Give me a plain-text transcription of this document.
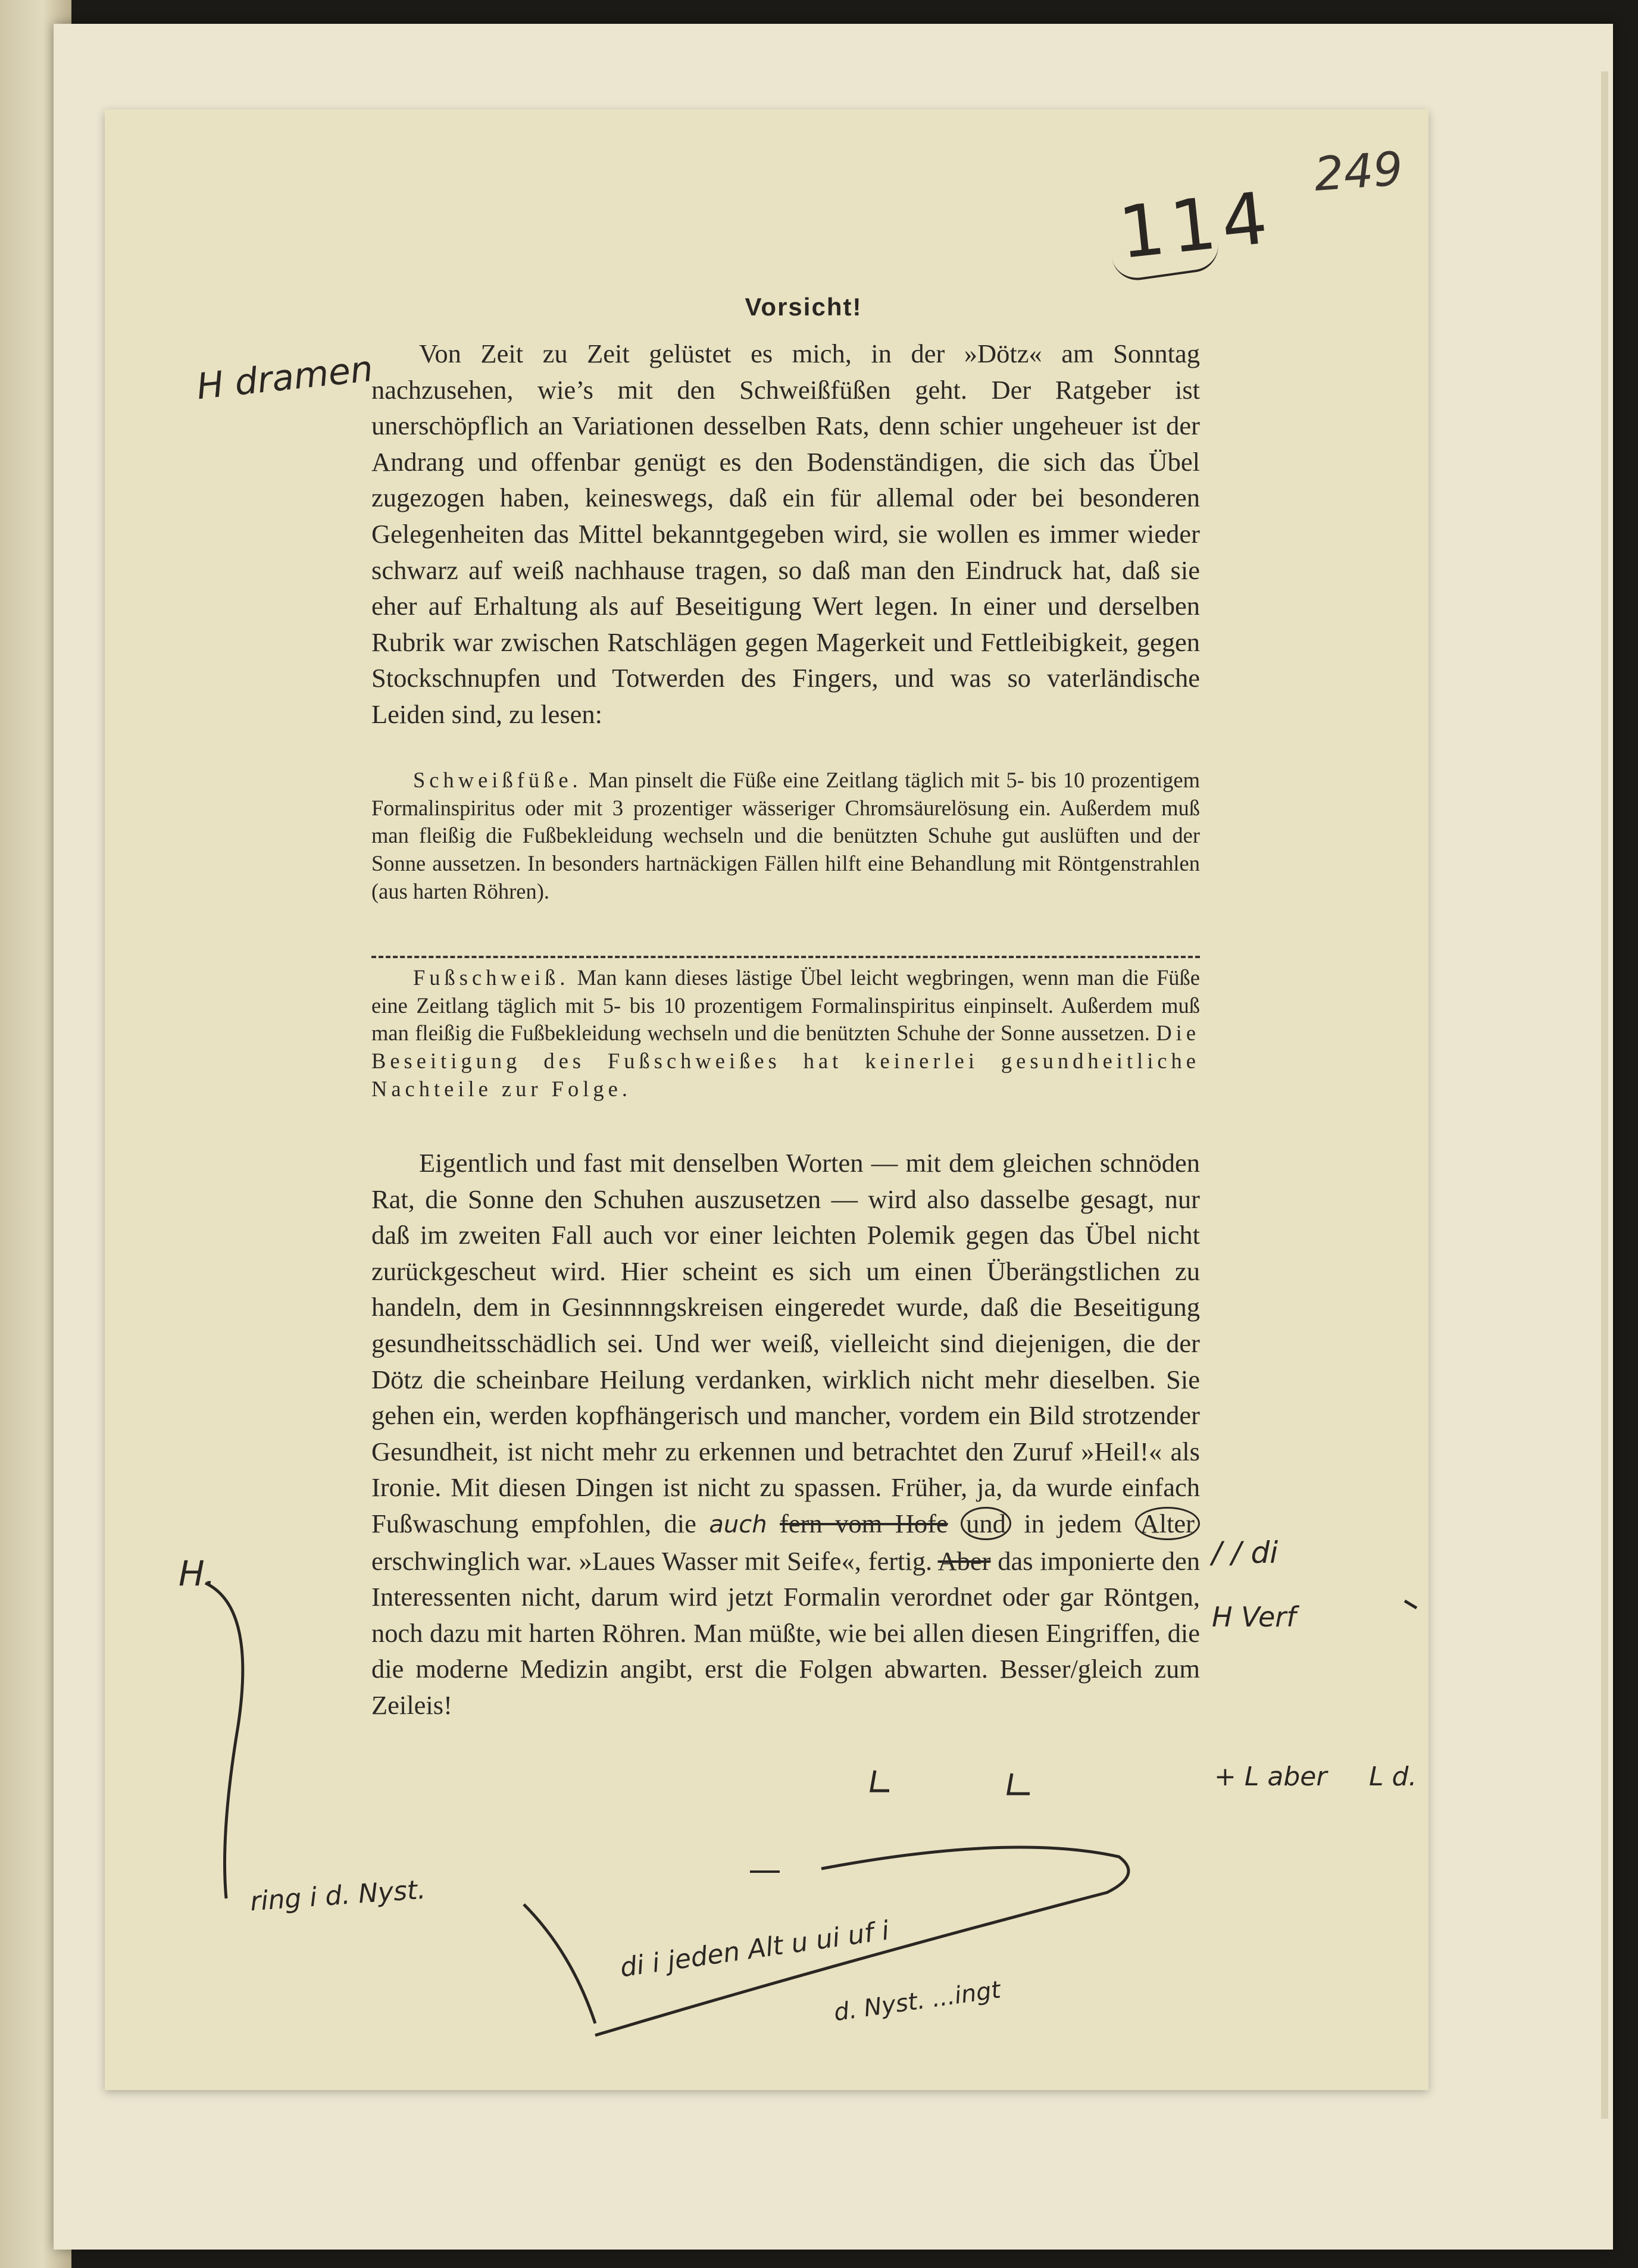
249
114
Vorsicht!

Von Zeit zu Zeit gelüstet es mich, in der »Dötz« am Sonntag nachzusehen, wie’s mit den Schweißfüßen geht. Der Ratgeber ist unerschöpflich an Variationen desselben Rats, denn schier ungeheuer ist der Andrang und offenbar genügt es den Bodenständigen, die sich das Übel zugezogen haben, keineswegs, daß ein für allemal oder bei besonderen Gelegenheiten das Mittel bekanntgegeben wird, sie wollen es immer wieder schwarz auf weiß nachhause tragen, so daß man den Eindruck hat, daß sie eher auf Erhaltung als auf Beseitigung Wert legen. In einer und derselben Rubrik war zwischen Ratschlägen gegen Magerkeit und Fettleibigkeit, gegen Stockschnupfen und Totwerden des Fingers, und was so vaterländische Leiden sind, zu lesen:

Schweißfüße. Man pinselt die Füße eine Zeitlang täglich mit 5- bis 10 prozentigem Formalinspiritus oder mit 3 prozentiger wässeriger Chromsäurelösung ein. Außerdem muß man fleißig die Fußbekleidung wechseln und die benützten Schuhe gut auslüften und der Sonne aussetzen. In besonders hartnäckigen Fällen hilft eine Behandlung mit Röntgenstrahlen (aus harten Röhren).

Fußschweiß. Man kann dieses lästige Übel leicht wegbringen, wenn man die Füße eine Zeitlang täglich mit 5- bis 10 prozentigem Formalinspiritus einpinselt. Außerdem muß man fleißig die Fußbekleidung wechseln und die benützten Schuhe der Sonne aussetzen. Die Beseitigung des Fußschweißes hat keinerlei gesundheitliche Nachteile zur Folge.

Eigentlich und fast mit denselben Worten — mit dem gleichen schnöden Rat, die Sonne den Schuhen auszusetzen — wird also dasselbe gesagt, nur daß im zweiten Fall auch vor einer leichten Polemik gegen das Übel nicht zurückgescheut wird. Hier scheint es sich um einen Überängstlichen zu handeln, dem in Gesinnnngskreisen eingeredet wurde, daß die Beseitigung gesundheitsschädlich sei. Und wer weiß, vielleicht sind diejenigen, die der Dötz die scheinbare Heilung verdanken, wirklich nicht mehr dieselben. Sie gehen ein, werden kopfhängerisch und mancher, vordem ein Bild strotzender Gesundheit, ist nicht mehr zu erkennen und betrachtet den Zuruf »Heil!« als Ironie. Mit diesen Dingen ist nicht zu spassen. Früher, ja, da wurde einfach Fußwaschung empfohlen, die auch fern vom Hofe und in jedem Alter erschwinglich war. »Laues Wasser mit Seife«, fertig. Aber das imponierte den Interessenten nicht, darum wird jetzt Formalin verordnet oder gar Röntgen, noch dazu mit harten Röhren. Man müßte, wie bei allen diesen Eingriffen, die die moderne Medizin angibt, erst die Folgen abwarten. Besser/gleich zum Zeileis!

H dramen
H.
ring i d. Nyst.
/ / di
H Verf
+ L aber L d.
di i jeden Alt u ui uf i
d. Nyst. ...ingt
